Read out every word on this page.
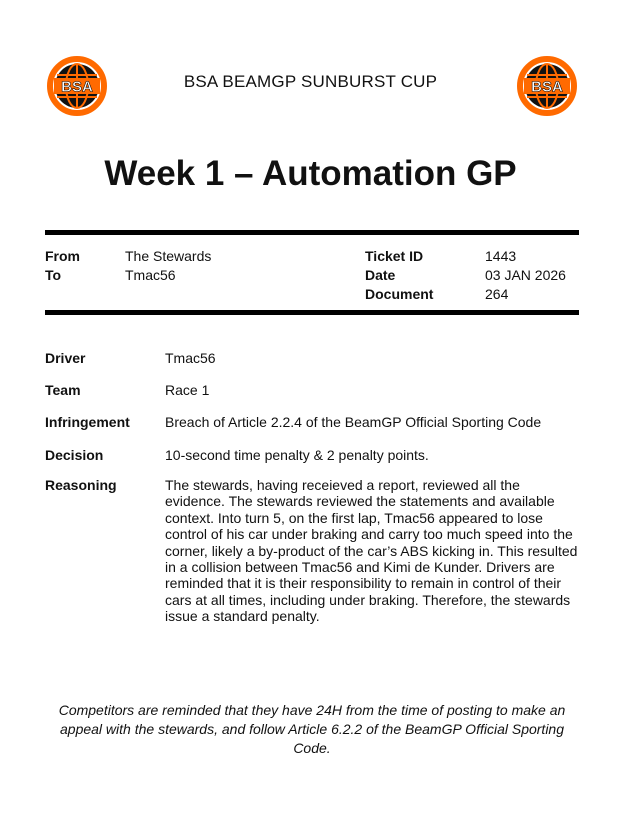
BSA	BSA BEAMGP SUNBURST CUP	BSA
Week 1 – Automation GP
From	The Stewards
To	Tmac56
Ticket ID	1443
Date	03 JAN 2026
Document	264
Driver	Tmac56
Team	Race 1
Infringement	Breach of Article 2.2.4 of the BeamGP Official Sporting Code
Decision	10-second time penalty & 2 penalty points.
Reasoning	The stewards, having receieved a report, reviewed all the evidence. The stewards reviewed the statements and available context. Into turn 5, on the first lap, Tmac56 appeared to lose control of his car under braking and carry too much speed into the corner, likely a by-product of the car’s ABS kicking in. This resulted in a collision between Tmac56 and Kimi de Kunder. Drivers are reminded that it is their responsibility to remain in control of their cars at all times, including under braking. Therefore, the stewards issue a standard penalty.
Competitors are reminded that they have 24H from the time of posting to make an appeal with the stewards, and follow Article 6.2.2 of the BeamGP Official Sporting Code.
